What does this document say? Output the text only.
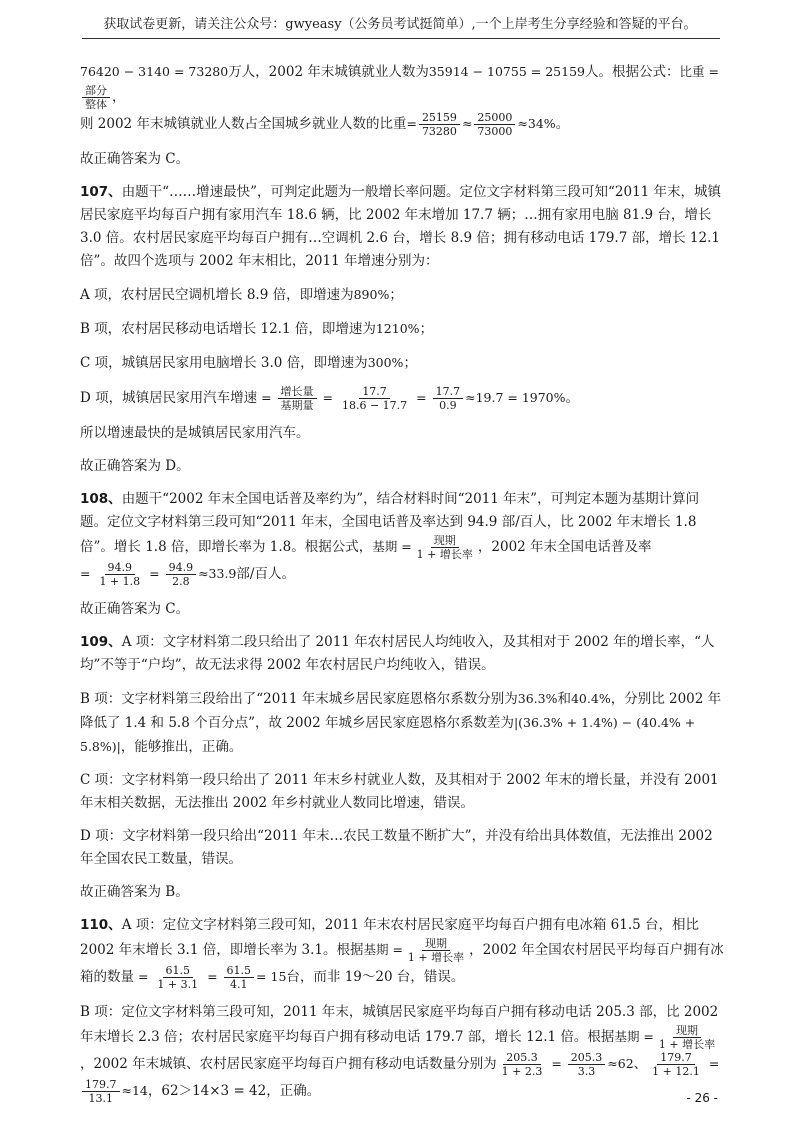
获取试卷更新，请关注公众号：gwyeasy（公务员考试挺简单）,一个上岸考生分享经验和答疑的平台。

76420 − 3140 = 73280万人，2002 年末城镇就业人数为35914 − 10755 = 25159人。根据公式：比重 =
$\frac{\text{部分}}{\text{整体}}$ ，
则 2002 年末城镇就业人数占全国城乡就业人数的比重= $\frac{25159}{73280} \approx \frac{25000}{73000} \approx 34\%$。

故正确答案为 C。

107、由题干“……增速最快”，可判定此题为一般增长率问题。定位文字材料第三段可知“2011 年末，城镇居民家庭平均每百户拥有家用汽车 18.6 辆，比 2002 年末增加 17.7 辆；…拥有家用电脑 81.9 台，增长 3.0 倍。农村居民家庭平均每百户拥有…空调机 2.6 台，增长 8.9 倍；拥有移动电话 179.7 部，增长 12.1 倍”。故四个选项与 2002 年末相比，2011 年增速分别为：

A 项，农村居民空调机增长 8.9 倍，即增速为890%；

B 项，农村居民移动电话增长 12.1 倍，即增速为1210%；

C 项，城镇居民家用电脑增长 3.0 倍，即增速为300%；

D 项，城镇居民家用汽车增速 = $\frac{\text{增长量}}{\text{基期量}} = \frac{17.7}{18.6 - 17.7} = \frac{17.7}{0.9} \approx 19.7 = 1970\%$。

所以增速最快的是城镇居民家用汽车。

故正确答案为 D。

108、由题干“2002 年末全国电话普及率约为”，结合材料时间“2011 年末”，可判定本题为基期计算问题。定位文字材料第三段可知“2011 年末，全国电话普及率达到 94.9 部/百人，比 2002 年末增长 1.8 倍”。增长 1.8 倍，即增长率为 1.8。根据公式，基期 = $\frac{\text{现期}}{\text{1 + 增长率}}$ ，2002 年末全国电话普及率
= $\frac{94.9}{1 + 1.8} = \frac{94.9}{2.8} \approx 33.9$部/百人。

故正确答案为 C。

109、A 项：文字材料第二段只给出了 2011 年农村居民人均纯收入，及其相对于 2002 年的增长率，“人均”不等于“户均”，故无法求得 2002 年农村居民户均纯收入，错误。

B 项：文字材料第三段给出了“2011 年末城乡居民家庭恩格尔系数分别为36.3%和40.4%，分别比 2002 年降低了 1.4 和 5.8 个百分点”，故 2002 年城乡居民家庭恩格尔系数差为|(36.3% + 1.4%) − (40.4% + 5.8%)|，能够推出，正确。

C 项：文字材料第一段只给出了 2011 年末乡村就业人数，及其相对于 2002 年末的增长量，并没有 2001 年末相关数据，无法推出 2002 年乡村就业人数同比增速，错误。

D 项：文字材料第一段只给出“2011 年末…农民工数量不断扩大”，并没有给出具体数值，无法推出 2002 年全国农民工数量，错误。

故正确答案为 B。

110、A 项：定位文字材料第三段可知，2011 年末农村居民家庭平均每百户拥有电冰箱 61.5 台，相比 2002 年末增长 3.1 倍，即增长率为 3.1。根据基期 = $\frac{\text{现期}}{\text{1 + 增长率}}$ ，2002 年全国农村居民平均每百户拥有冰箱的数量 = $\frac{61.5}{1 + 3.1} = \frac{61.5}{4.1} = 15$台，而非 19～20 台，错误。

B 项：定位文字材料第三段可知，2011 年末，城镇居民家庭平均每百户拥有移动电话 205.3 部，比 2002 年末增长 2.3 倍；农村居民家庭平均每百户拥有移动电话 179.7 部，增长 12.1 倍。根据基期 = $\frac{\text{现期}}{\text{1 + 增长率}}$
，2002 年末城镇、农村居民家庭平均每百户拥有移动电话数量分别为 $\frac{205.3}{1 + 2.3} = \frac{205.3}{3.3} \approx 62$、 $\frac{179.7}{1 + 12.1}$ =
$\frac{179.7}{13.1} \approx 14$，62＞14×3 = 42，正确。	- 26 -
